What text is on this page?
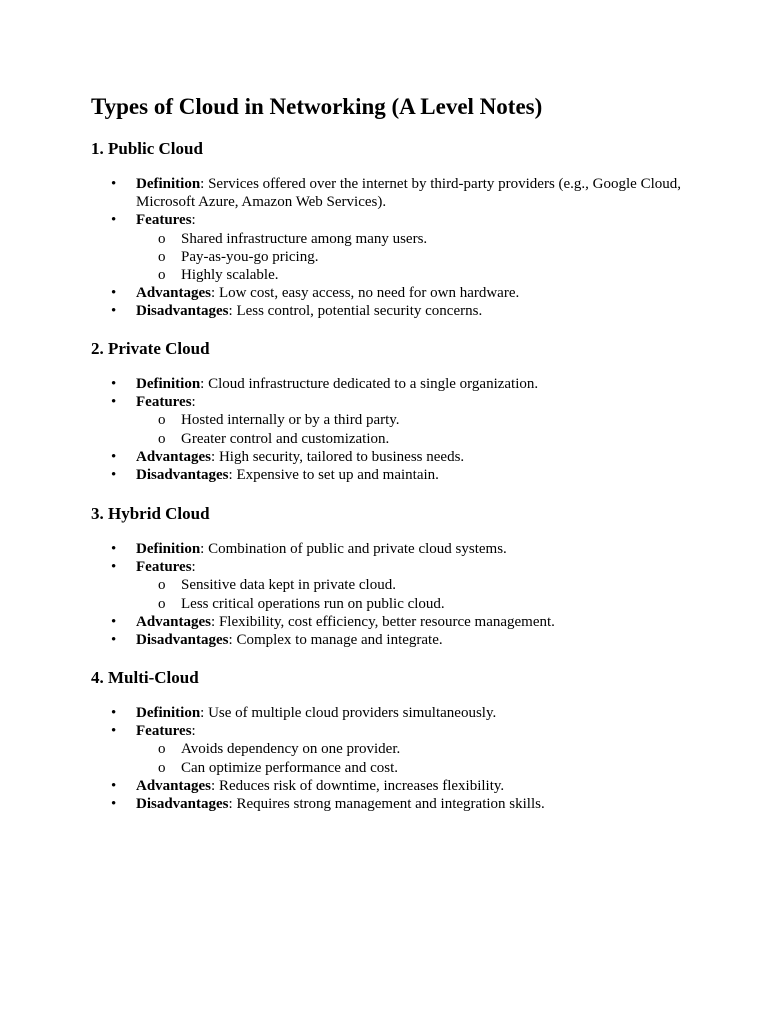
Types of Cloud in Networking (A Level Notes)
1. Public Cloud
• Definition: Services offered over the internet by third-party providers (e.g., Google Cloud, Microsoft Azure, Amazon Web Services).
• Features:
o Shared infrastructure among many users.
o Pay-as-you-go pricing.
o Highly scalable.
• Advantages: Low cost, easy access, no need for own hardware.
• Disadvantages: Less control, potential security concerns.
2. Private Cloud
• Definition: Cloud infrastructure dedicated to a single organization.
• Features:
o Hosted internally or by a third party.
o Greater control and customization.
• Advantages: High security, tailored to business needs.
• Disadvantages: Expensive to set up and maintain.
3. Hybrid Cloud
• Definition: Combination of public and private cloud systems.
• Features:
o Sensitive data kept in private cloud.
o Less critical operations run on public cloud.
• Advantages: Flexibility, cost efficiency, better resource management.
• Disadvantages: Complex to manage and integrate.
4. Multi-Cloud
• Definition: Use of multiple cloud providers simultaneously.
• Features:
o Avoids dependency on one provider.
o Can optimize performance and cost.
• Advantages: Reduces risk of downtime, increases flexibility.
• Disadvantages: Requires strong management and integration skills.
